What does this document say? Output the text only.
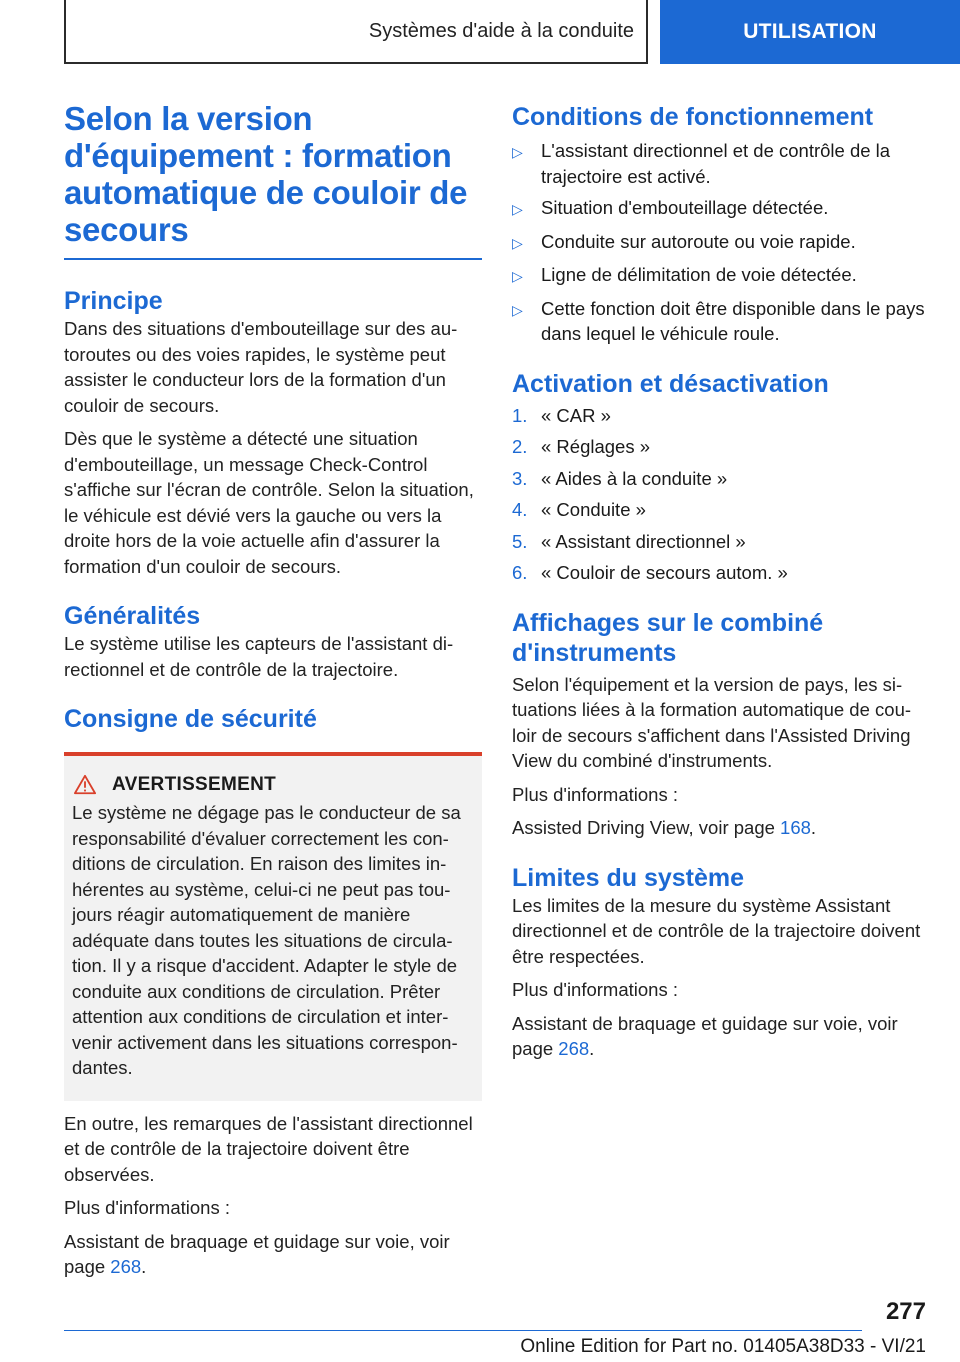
Systèmes d'aide à la conduite	UTILISATION
Selon la version d'équipement : formation automatique de couloir de secours
Principe

Dans des situations d'embouteillage sur des autoroutes ou des voies rapides, le système peut assister le conducteur lors de la formation d'un couloir de secours.

Dès que le système a détecté une situation d'embouteillage, un message Check-Control s'affiche sur l'écran de contrôle. Selon la situation, le véhicule est dévié vers la gauche ou vers la droite hors de la voie actuelle afin d'assurer la formation d'un couloir de secours.

Généralités

Le système utilise les capteurs de l'assistant directionnel et de contrôle de la trajectoire.

Consigne de sécurité
AVERTISSEMENT

Le système ne dégage pas le conducteur de sa responsabilité d'évaluer correctement les conditions de circulation. En raison des limites inhérentes au système, celui-ci ne peut pas toujours réagir automatiquement de manière adéquate dans toutes les situations de circulation. Il y a risque d'accident. Adapter le style de conduite aux conditions de circulation. Prêter attention aux conditions de circulation et intervenir activement dans les situations correspondantes.

En outre, les remarques de l'assistant directionnel et de contrôle de la trajectoire doivent être observées.

Plus d'informations :

Assistant de braquage et guidage sur voie, voir page 268.

Conditions de fonctionnement
▷ L'assistant directionnel et de contrôle de la trajectoire est activé.
▷ Situation d'embouteillage détectée.
▷ Conduite sur autoroute ou voie rapide.
▷ Ligne de délimitation de voie détectée.
▷ Cette fonction doit être disponible dans le pays dans lequel le véhicule roule.
Activation et désactivation
1. « CAR »
2. « Réglages »
3. « Aides à la conduite »
4. « Conduite »
5. « Assistant directionnel »
6. « Couloir de secours autom. »
Affichages sur le combiné d'instruments

Selon l'équipement et la version de pays, les situations liées à la formation automatique de couloir de secours s'affichent dans l'Assisted Driving View du combiné d'instruments.

Plus d'informations :

Assisted Driving View, voir page 168.

Limites du système

Les limites de la mesure du système Assistant directionnel et de contrôle de la trajectoire doivent être respectées.

Plus d'informations :

Assistant de braquage et guidage sur voie, voir page 268.

277
Online Edition for Part no. 01405A38D33 - VI/21
